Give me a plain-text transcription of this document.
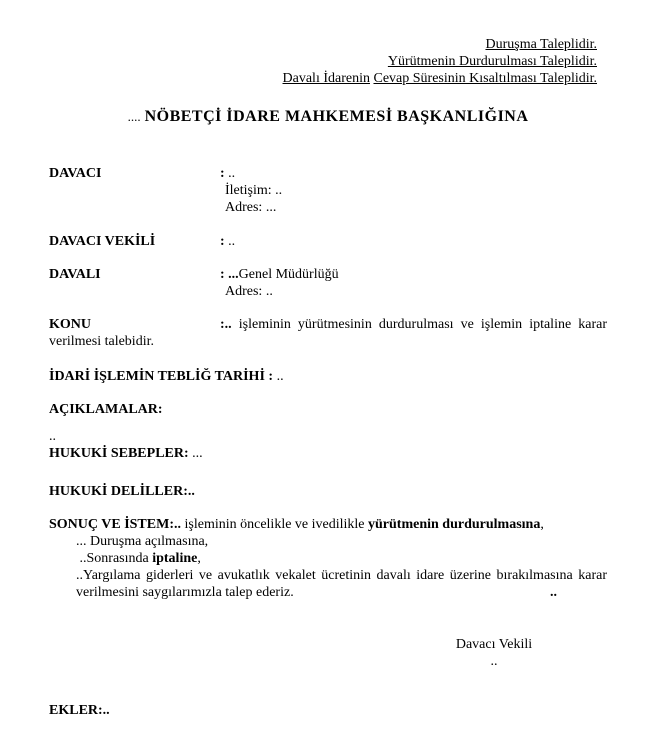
Duruşma Taleplidir.
Yürütmenin Durdurulması Taleplidir.
Davalı İdarenin Cevap Süresinin Kısaltılması Taleplidir.
.... NÖBETÇİ İDARE MAHKEMESİ BAŞKANLIĞINA
DAVACI	: ..
İletişim: ..
Adres: ...
DAVACI VEKİLİ	: ..
DAVALI	: ...Genel Müdürlüğü
Adres: ..
KONU	:.. işleminin yürütmesinin durdurulması ve işlemin iptaline karar
verilmesi talebidir.
İDARİ İŞLEMİN TEBLİĞ TARİHİ : ..
AÇIKLAMALAR:
..
HUKUKİ SEBEPLER: ...
HUKUKİ DELİLLER:..
SONUÇ VE İSTEM:.. işleminin öncelikle ve ivedilikle yürütmenin durdurulmasına,
... Duruşma açılmasına,
..Sonrasında iptaline,
..Yargılama giderleri ve avukatlık vekalet ücretinin davalı idare üzerine bırakılmasına karar
verilmesini saygılarımızla talep ederiz.	..
Davacı Vekili
..
EKLER:..
